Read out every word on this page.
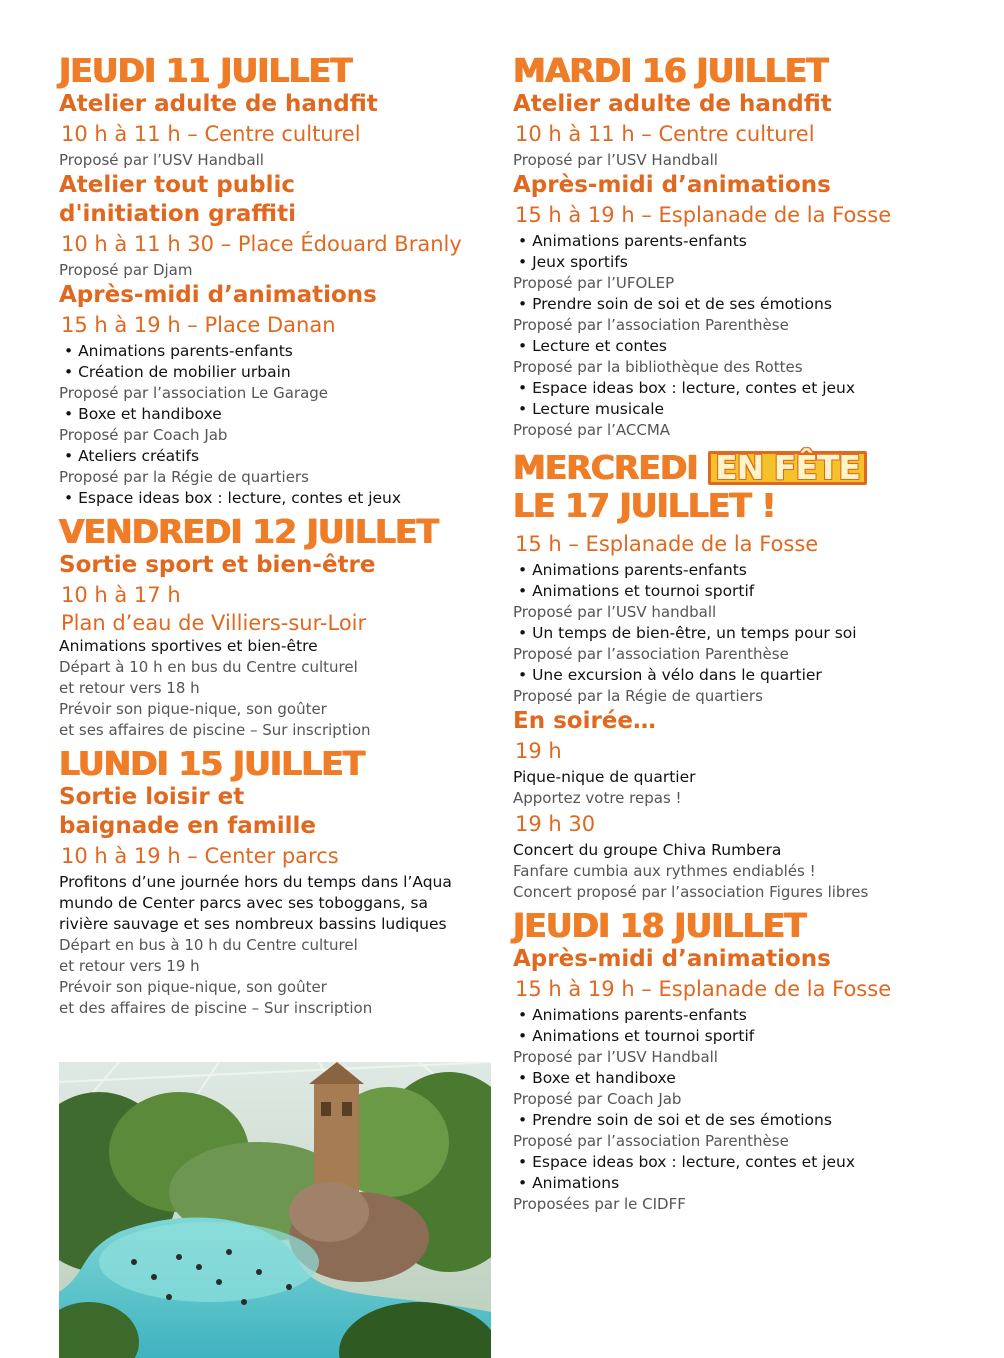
JEUDI 11 JUILLET

Atelier adulte de handfit

10 h à 11 h – Centre culturel

Proposé par l’USV Handball

Atelier tout public

d'initiation graffiti

10 h à 11 h 30 – Place Édouard Branly

Proposé par Djam

Après-midi d’animations

15 h à 19 h – Place Danan

• Animations parents-enfants

• Création de mobilier urbain

Proposé par l’association Le Garage

• Boxe et handiboxe

Proposé par Coach Jab

• Ateliers créatifs

Proposé par la Régie de quartiers

• Espace ideas box : lecture, contes et jeux

VENDREDI 12 JUILLET

Sortie sport et bien-être

10 h à 17 h

Plan d’eau de Villiers-sur-Loir

Animations sportives et bien-être

Départ à 10 h en bus du Centre culturel

et retour vers 18 h

Prévoir son pique-nique, son goûter

et ses affaires de piscine – Sur inscription

LUNDI 15 JUILLET

Sortie loisir et

baignade en famille

10 h à 19 h – Center parcs

Profitons d’une journée hors du temps dans l’Aqua

mundo de Center parcs avec ses toboggans, sa

rivière sauvage et ses nombreux bassins ludiques

Départ en bus à 10 h du Centre culturel

et retour vers 19 h

Prévoir son pique-nique, son goûter

et des affaires de piscine – Sur inscription

MARDI 16 JUILLET

Atelier adulte de handfit

10 h à 11 h – Centre culturel

Proposé par l’USV Handball

Après-midi d’animations

15 h à 19 h – Esplanade de la Fosse

• Animations parents-enfants

• Jeux sportifs

Proposé par l’UFOLEP

• Prendre soin de soi et de ses émotions

Proposé par l’association Parenthèse

• Lecture et contes

Proposé par la bibliothèque des Rottes

• Espace ideas box : lecture, contes et jeux

• Lecture musicale

Proposé par l’ACCMA

MERCREDI EN FÊTE
LE 17 JUILLET !

15 h – Esplanade de la Fosse

• Animations parents-enfants

• Animations et tournoi sportif

Proposé par l’USV handball

• Un temps de bien-être, un temps pour soi

Proposé par l’association Parenthèse

• Une excursion à vélo dans le quartier

Proposé par la Régie de quartiers

En soirée…

19 h

Pique-nique de quartier

Apportez votre repas !

19 h 30

Concert du groupe Chiva Rumbera

Fanfare cumbia aux rythmes endiablés !

Concert proposé par l’association Figures libres

JEUDI 18 JUILLET

Après-midi d’animations

15 h à 19 h – Esplanade de la Fosse

• Animations parents-enfants

• Animations et tournoi sportif

Proposé par l’USV Handball

• Boxe et handiboxe

Proposé par Coach Jab

• Prendre soin de soi et de ses émotions

Proposé par l’association Parenthèse

• Espace ideas box : lecture, contes et jeux

• Animations

Proposées par le CIDFF
